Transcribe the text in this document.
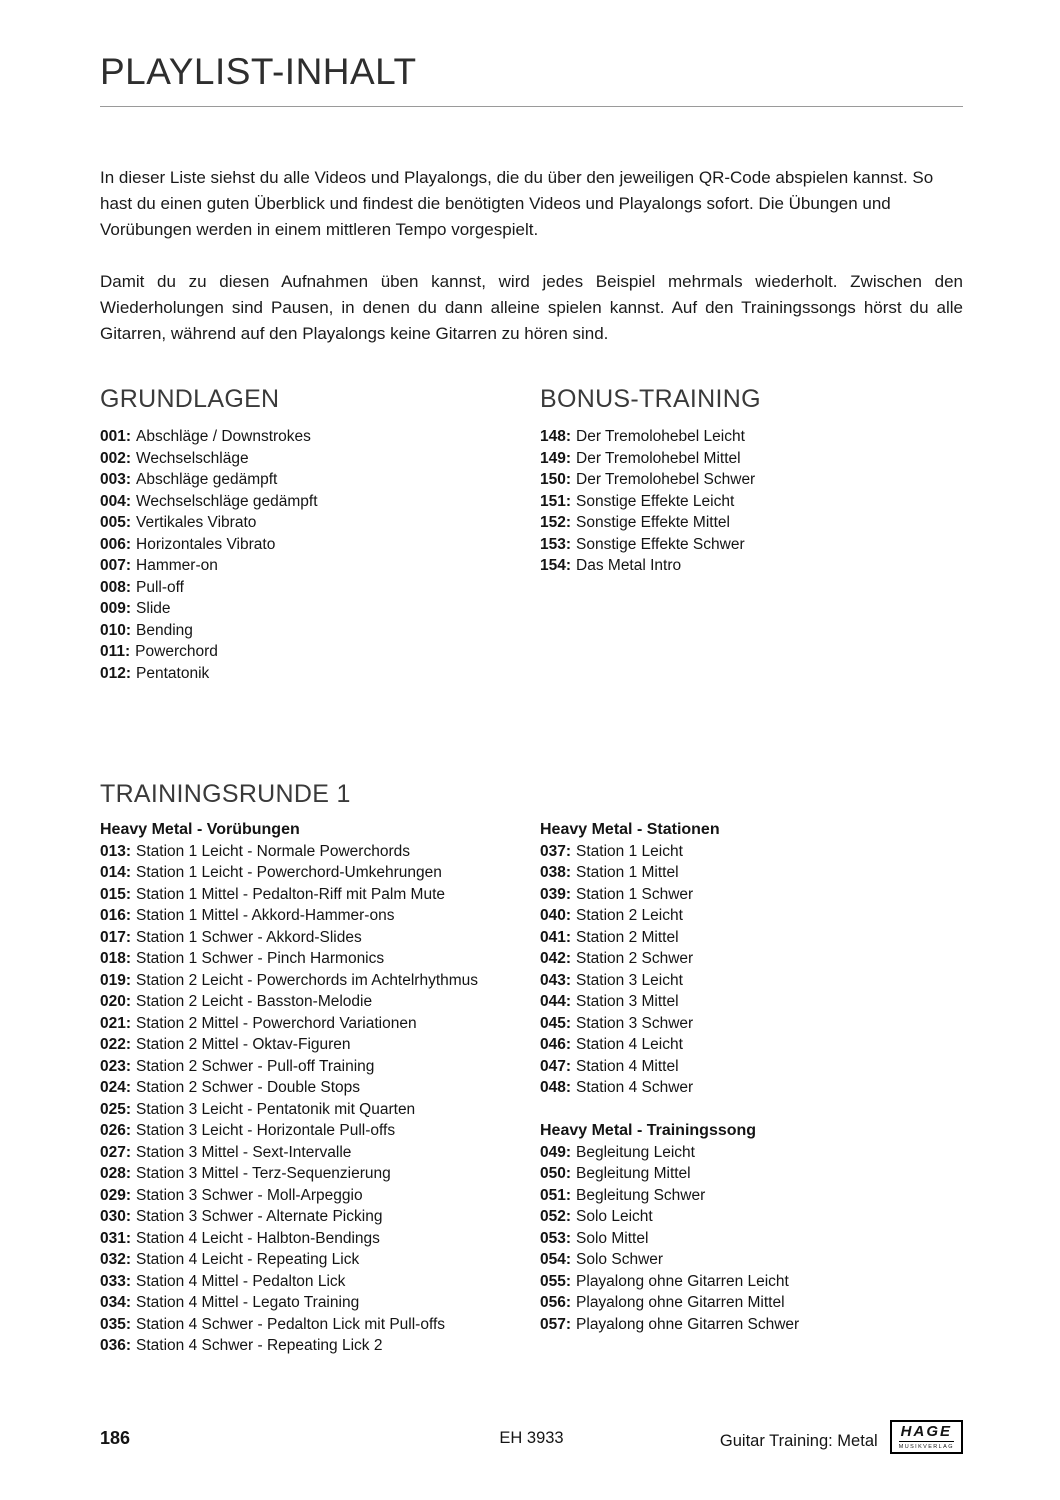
PLAYLIST-INHALT

In dieser Liste siehst du alle Videos und Playalongs, die du über den jeweiligen QR-Code abspielen kannst. So hast du einen guten Überblick und findest die benötigten Videos und Playalongs sofort. Die Übungen und Vorübungen werden in einem mittleren Tempo vorgespielt.

Damit du zu diesen Aufnahmen üben kannst, wird jedes Beispiel mehrmals wiederholt. Zwischen den Wiederholungen sind Pausen, in denen du dann alleine spielen kannst. Auf den Trainingssongs hörst du alle Gitarren, während auf den Playalongs keine Gitarren zu hören sind.

GRUNDLAGEN
001: Abschläge / Downstrokes
002: Wechselschläge
003: Abschläge gedämpft
004: Wechselschläge gedämpft
005: Vertikales Vibrato
006: Horizontales Vibrato
007: Hammer-on
008: Pull-off
009: Slide
010: Bending
011: Powerchord
012: Pentatonik
BONUS-TRAINING
148: Der Tremolohebel Leicht
149: Der Tremolohebel Mittel
150: Der Tremolohebel Schwer
151: Sonstige Effekte Leicht
152: Sonstige Effekte Mittel
153: Sonstige Effekte Schwer
154: Das Metal Intro
TRAININGSRUNDE 1
Heavy Metal - Vorübungen
013: Station 1 Leicht - Normale Powerchords
014: Station 1 Leicht - Powerchord-Umkehrungen
015: Station 1 Mittel - Pedalton-Riff mit Palm Mute
016: Station 1 Mittel - Akkord-Hammer-ons
017: Station 1 Schwer - Akkord-Slides
018: Station 1 Schwer - Pinch Harmonics
019: Station 2 Leicht - Powerchords im Achtelrhythmus
020: Station 2 Leicht - Basston-Melodie
021: Station 2 Mittel - Powerchord Variationen
022: Station 2 Mittel - Oktav-Figuren
023: Station 2 Schwer - Pull-off Training
024: Station 2 Schwer - Double Stops
025: Station 3 Leicht - Pentatonik mit Quarten
026: Station 3 Leicht - Horizontale Pull-offs
027: Station 3 Mittel - Sext-Intervalle
028: Station 3 Mittel - Terz-Sequenzierung
029: Station 3 Schwer - Moll-Arpeggio
030: Station 3 Schwer - Alternate Picking
031: Station 4 Leicht - Halbton-Bendings
032: Station 4 Leicht - Repeating Lick
033: Station 4 Mittel - Pedalton Lick
034: Station 4 Mittel - Legato Training
035: Station 4 Schwer - Pedalton Lick mit Pull-offs
036: Station 4 Schwer - Repeating Lick 2
Heavy Metal - Stationen
037: Station 1 Leicht
038: Station 1 Mittel
039: Station 1 Schwer
040: Station 2 Leicht
041: Station 2 Mittel
042: Station 2 Schwer
043: Station 3 Leicht
044: Station 3 Mittel
045: Station 3 Schwer
046: Station 4 Leicht
047: Station 4 Mittel
048: Station 4 Schwer
Heavy Metal - Trainingssong
049: Begleitung Leicht
050: Begleitung Mittel
051: Begleitung Schwer
052: Solo Leicht
053: Solo Mittel
054: Solo Schwer
055: Playalong ohne Gitarren Leicht
056: Playalong ohne Gitarren Mittel
057: Playalong ohne Gitarren Schwer
186	EH 3933	Guitar Training: Metal HAGE
MUSIKVERLAG
